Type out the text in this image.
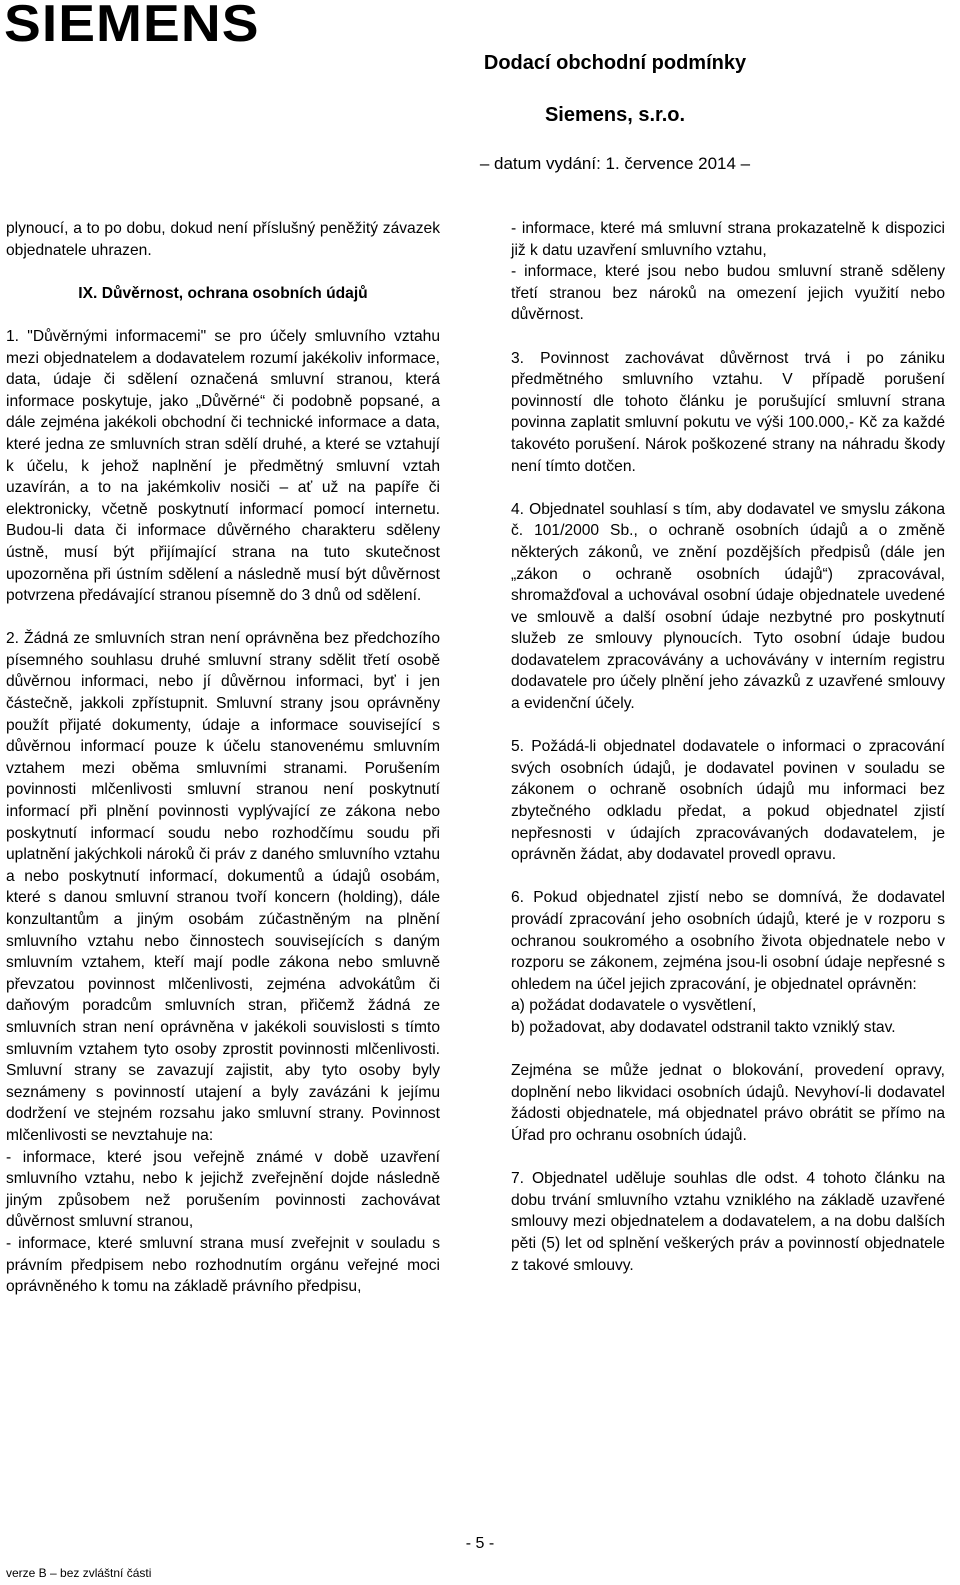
SIEMENS
Dodací obchodní podmínky
Siemens, s.r.o.
– datum vydání: 1. července 2014 –

plynoucí, a to po dobu, dokud není příslušný peněžitý závazek objednatele uhrazen.

IX. Důvěrnost, ochrana osobních údajů

1. "Důvěrnými informacemi" se pro účely smluvního vztahu mezi objednatelem a dodavatelem rozumí jakékoliv informace, data, údaje či sdělení označená smluvní stranou, která informace poskytuje, jako „Důvěrné“ či podobně popsané, a dále zejména jakékoli obchodní či technické informace a data, které jedna ze smluvních stran sdělí druhé, a které se vztahují k účelu, k jehož naplnění je předmětný smluvní vztah uzavírán, a to na jakémkoliv nosiči – ať už na papíře či elektronicky, včetně poskytnutí informací pomocí internetu. Budou-li data či informace důvěrného charakteru sděleny ústně, musí být přijímající strana na tuto skutečnost upozorněna při ústním sdělení a následně musí být důvěrnost potvrzena předávající stranou písemně do 3 dnů od sdělení.

2. Žádná ze smluvních stran není oprávněna bez předchozího písemného souhlasu druhé smluvní strany sdělit třetí osobě důvěrnou informaci, nebo jí důvěrnou informaci, byť i jen částečně, jakkoli zpřístupnit. Smluvní strany jsou oprávněny použít přijaté dokumenty, údaje a informace související s důvěrnou informací pouze k účelu stanovenému smluvním vztahem mezi oběma smluvními stranami. Porušením povinnosti mlčenlivosti smluvní stranou není poskytnutí informací při plnění povinnosti vyplývající ze zákona nebo poskytnutí informací soudu nebo rozhodčímu soudu při uplatnění jakýchkoli nároků či práv z daného smluvního vztahu a nebo poskytnutí informací, dokumentů a údajů osobám, které s danou smluvní stranou tvoří koncern (holding), dále konzultantům a jiným osobám zúčastněným na plnění smluvního vztahu nebo činnostech souvisejících s daným smluvním vztahem, kteří mají podle zákona nebo smluvně převzatou povinnost mlčenlivosti, zejména advokátům či daňovým poradcům smluvních stran, přičemž žádná ze smluvních stran není oprávněna v jakékoli souvislosti s tímto smluvním vztahem tyto osoby zprostit povinnosti mlčenlivosti. Smluvní strany se zavazují zajistit, aby tyto osoby byly seznámeny s povinností utajení a byly zavázáni k jejímu dodržení ve stejném rozsahu jako smluvní strany. Povinnost mlčenlivosti se nevztahuje na:

- informace, které jsou veřejně známé v době uzavření smluvního vztahu, nebo k jejichž zveřejnění dojde následně jiným způsobem než porušením povinnosti zachovávat důvěrnost smluvní stranou,

- informace, které smluvní strana musí zveřejnit v souladu s právním předpisem nebo rozhodnutím orgánu veřejné moci oprávněného k tomu na základě právního předpisu,

- informace, které má smluvní strana prokazatelně k dispozici již k datu uzavření smluvního vztahu,

- informace, které jsou nebo budou smluvní straně sděleny třetí stranou bez nároků na omezení jejich využití nebo důvěrnost.

3. Povinnost zachovávat důvěrnost trvá i po zániku předmětného smluvního vztahu. V případě porušení povinností dle tohoto článku je porušující smluvní strana povinna zaplatit smluvní pokutu ve výši 100.000,- Kč za každé takovéto porušení. Nárok poškozené strany na náhradu škody není tímto dotčen.

4. Objednatel souhlasí s tím, aby dodavatel ve smyslu zákona č. 101/2000 Sb., o ochraně osobních údajů a o změně některých zákonů, ve znění pozdějších předpisů (dále jen „zákon o ochraně osobních údajů“) zpracovával, shromažďoval a uchovával osobní údaje objednatele uvedené ve smlouvě a další osobní údaje nezbytné pro poskytnutí služeb ze smlouvy plynoucích. Tyto osobní údaje budou dodavatelem zpracovávány a uchovávány v interním registru dodavatele pro účely plnění jeho závazků z uzavřené smlouvy a evidenční účely.

5. Požádá-li objednatel dodavatele o informaci o zpracování svých osobních údajů, je dodavatel povinen v souladu se zákonem o ochraně osobních údajů mu informaci bez zbytečného odkladu předat, a pokud objednatel zjistí nepřesnosti v údajích zpracovávaných dodavatelem, je oprávněn žádat, aby dodavatel provedl opravu.

6. Pokud objednatel zjistí nebo se domnívá, že dodavatel provádí zpracování jeho osobních údajů, které je v rozporu s ochranou soukromého a osobního života objednatele nebo v rozporu se zákonem, zejména jsou-li osobní údaje nepřesné s ohledem na účel jejich zpracování, je objednatel oprávněn:

a) požádat dodavatele o vysvětlení,

b) požadovat, aby dodavatel odstranil takto vzniklý stav.

Zejména se může jednat o blokování, provedení opravy, doplnění nebo likvidaci osobních údajů. Nevyhoví-li dodavatel žádosti objednatele, má objednatel právo obrátit se přímo na Úřad pro ochranu osobních údajů.

7. Objednatel uděluje souhlas dle odst. 4 tohoto článku na dobu trvání smluvního vztahu vzniklého na základě uzavřené smlouvy mezi objednatelem a dodavatelem, a na dobu dalších pěti (5) let od splnění veškerých práv a povinností objednatele z takové smlouvy.

- 5 -
verze B – bez zvláštní části
